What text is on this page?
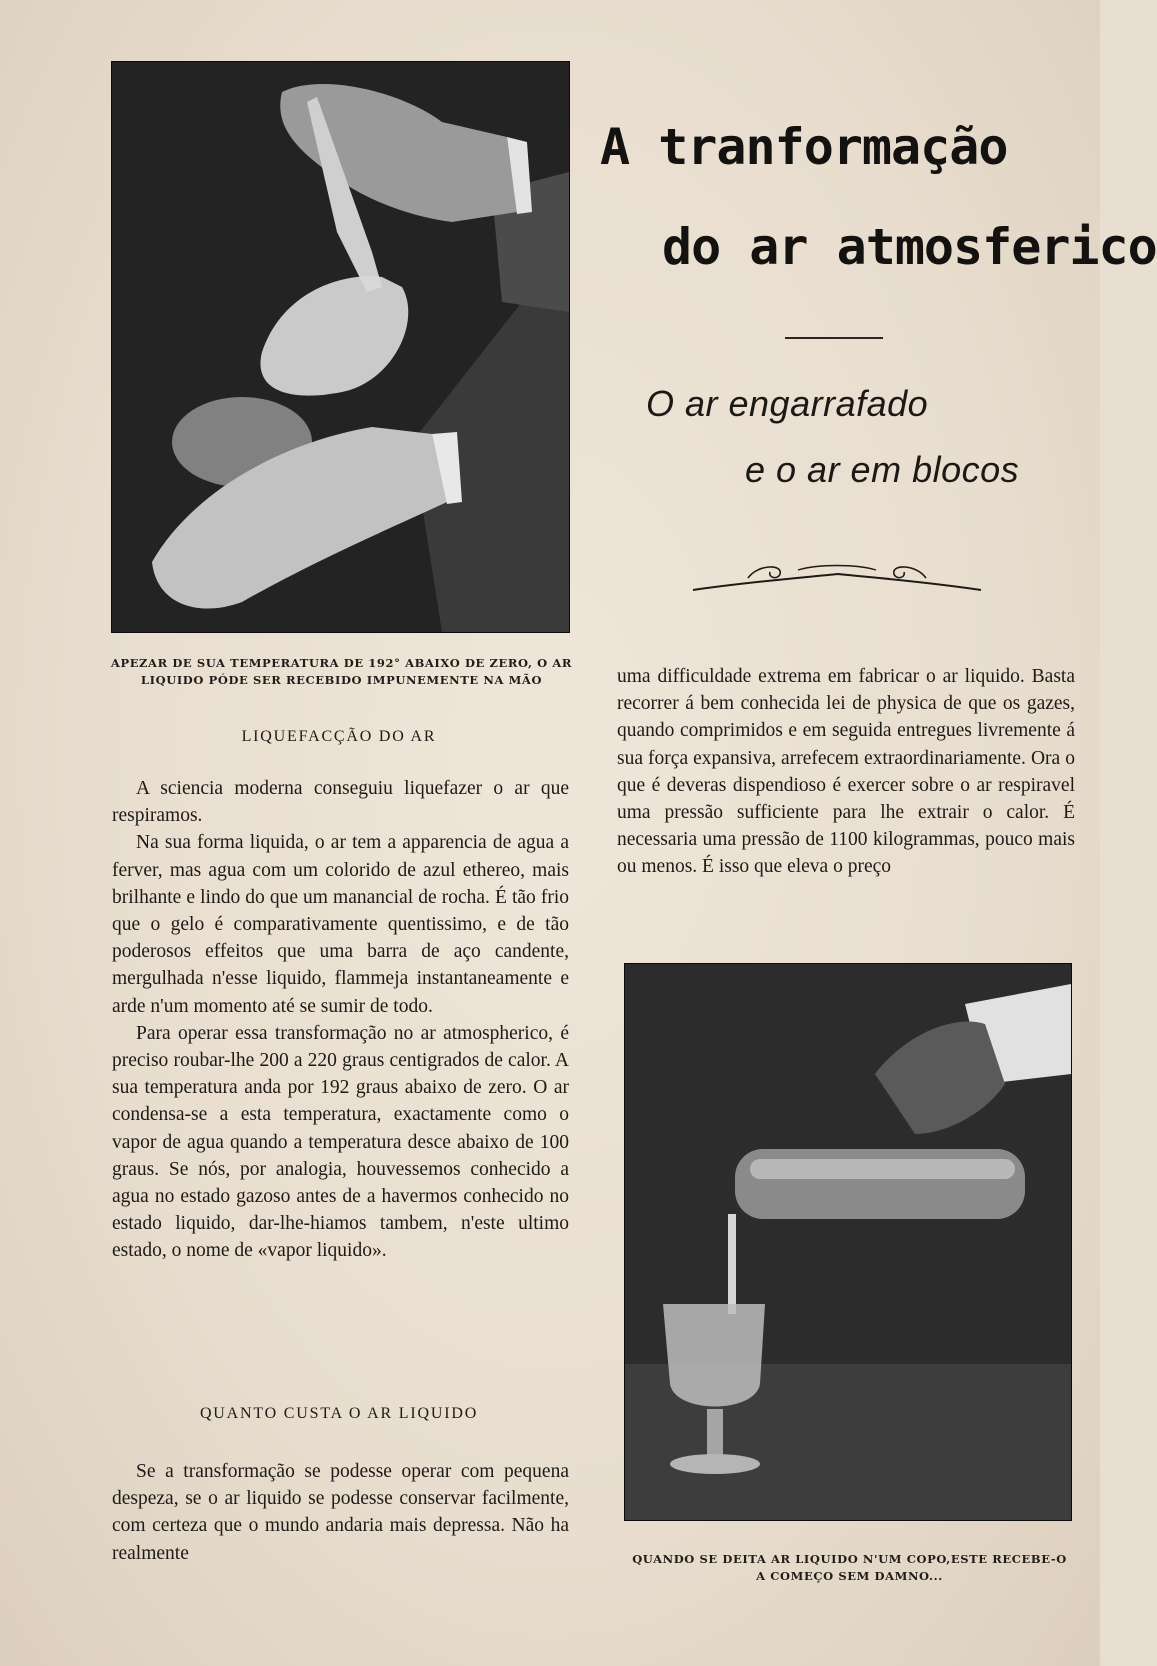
APEZAR DE SUA TEMPERATURA DE 192° ABAIXO DE ZERO, O AR
LIQUIDO PÓDE SER RECEBIDO IMPUNEMENTE NA MÃO
A tranformação
do ar atmosferico
O ar engarrafado
e o ar em blocos
LIQUEFACÇÃO DO AR

A sciencia moderna conseguiu liquefazer o ar que respiramos.

Na sua forma liquida, o ar tem a apparencia de agua a ferver, mas agua com um colorido de azul ethereo, mais brilhante e lindo do que um manancial de rocha. É tão frio que o gelo é comparativamente quentissimo, e de tão poderosos effeitos que uma barra de aço candente, mergulhada n'esse liquido, flammeja instantaneamente e arde n'um momento até se sumir de todo.

Para operar essa transformação no ar atmospherico, é preciso roubar-lhe 200 a 220 graus centigrados de calor. A sua temperatura anda por 192 graus abaixo de zero. O ar condensa-se a esta temperatura, exactamente como o vapor de agua quando a temperatura desce abaixo de 100 graus. Se nós, por analogia, houvessemos conhecido a agua no estado gazoso antes de a havermos conhecido no estado liquido, dar-lhe-hiamos tambem, n'este ultimo estado, o nome de «vapor liquido».

QUANTO CUSTA O AR LIQUIDO

Se a transformação se podesse operar com pequena despeza, se o ar liquido se podesse conservar facilmente, com certeza que o mundo andaria mais depressa. Não ha realmente

uma difficuldade extrema em fabricar o ar liquido. Basta recorrer á bem conhecida lei de physica de que os gazes, quando comprimidos e em seguida entregues livremente á sua força expansiva, arrefecem extraordinariamente. Ora o que é deveras dispendioso é exercer sobre o ar respiravel uma pressão sufficiente para lhe extrair o calor. É necessaria uma pressão de 1100 kilogrammas, pouco mais ou menos. É isso que eleva o preço

QUANDO SE DEITA AR LIQUIDO N'UM COPO,ESTE RECEBE-O
A COMEÇO SEM DAMNO...
